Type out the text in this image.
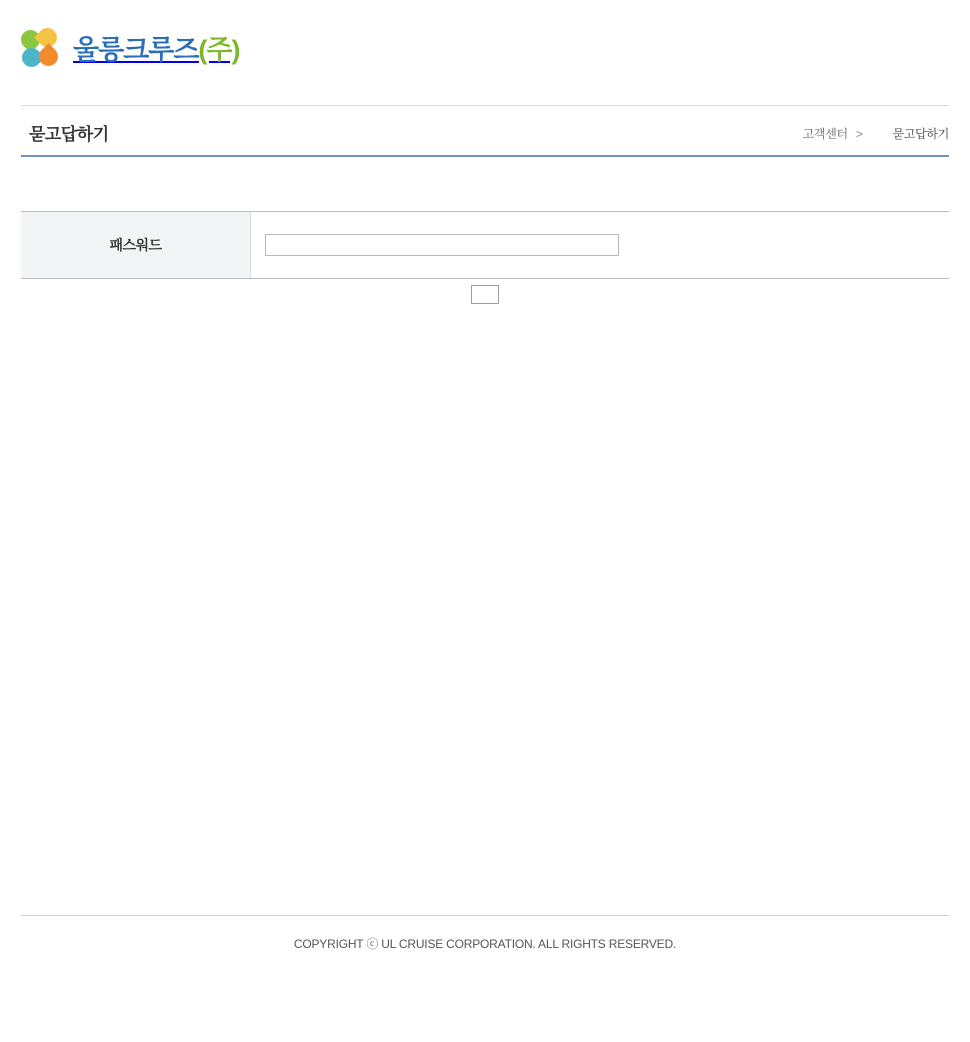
울릉크루즈(주)
묻고답하기	고객센터 >	묻고답하기
패스워드
COPYRIGHT ⓒ UL CRUISE CORPORATION. ALL RIGHTS RESERVED.
